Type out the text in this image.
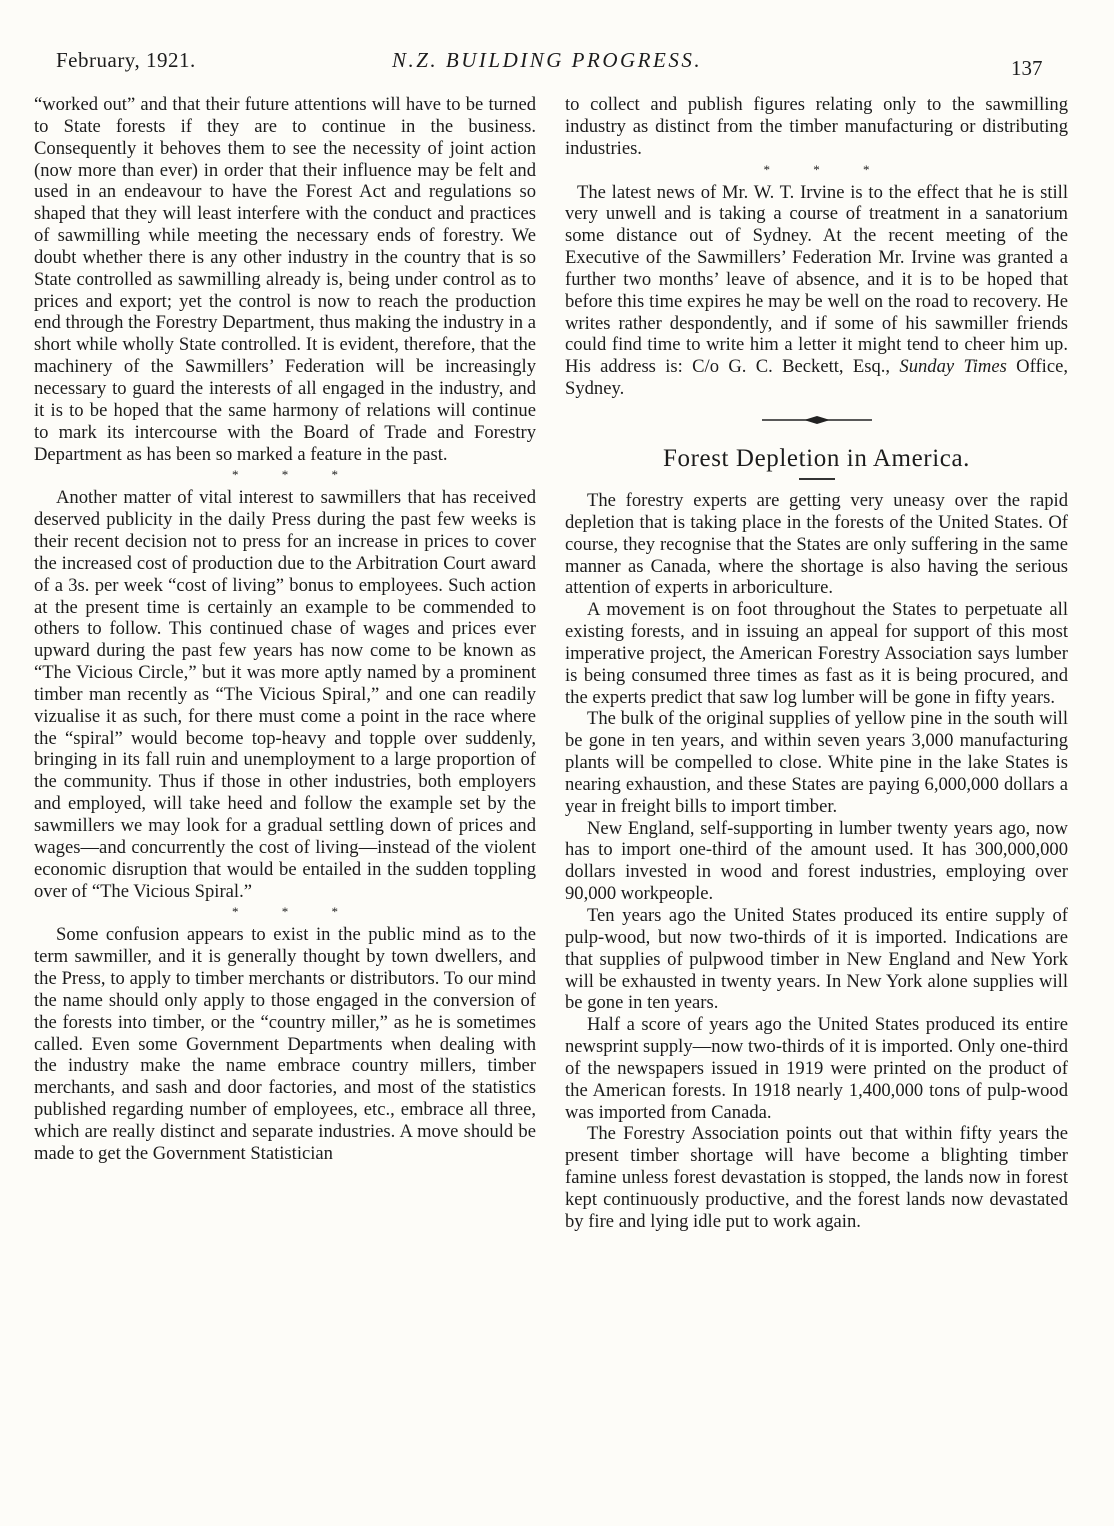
February, 1921.	N.Z. BUILDING PROGRESS.	137

“worked out” and that their future attentions will have to be turned to State forests if they are to continue in the business. Consequently it behoves them to see the necessity of joint action (now more than ever) in order that their influence may be felt and used in an endeavour to have the Forest Act and regulations so shaped that they will least interfere with the conduct and practices of sawmilling while meeting the necessary ends of forestry. We doubt whether there is any other industry in the country that is so State controlled as sawmilling already is, being under control as to prices and export; yet the control is now to reach the production end through the Forestry Department, thus making the industry in a short while wholly State controlled. It is evident, therefore, that the machinery of the Sawmillers’ Federation will be increasingly necessary to guard the interests of all engaged in the industry, and it is to be hoped that the same harmony of relations will continue to mark its intercourse with the Board of Trade and Forestry Department as has been so marked a feature in the past.

* * *

Another matter of vital interest to sawmillers that has received deserved publicity in the daily Press during the past few weeks is their recent decision not to press for an increase in prices to cover the increased cost of production due to the Arbitration Court award of a 3s. per week “cost of living” bonus to employees. Such action at the present time is certainly an example to be commended to others to follow. This continued chase of wages and prices ever upward during the past few years has now come to be known as “The Vicious Circle,” but it was more aptly named by a prominent timber man recently as “The Vicious Spiral,” and one can readily vizualise it as such, for there must come a point in the race where the “spiral” would become top-heavy and topple over suddenly, bringing in its fall ruin and unemployment to a large proportion of the community. Thus if those in other industries, both employers and employed, will take heed and follow the example set by the sawmillers we may look for a gradual settling down of prices and wages—and concurrently the cost of living—instead of the violent economic disruption that would be entailed in the sudden toppling over of “The Vicious Spiral.”

* * *

Some confusion appears to exist in the public mind as to the term sawmiller, and it is generally thought by town dwellers, and the Press, to apply to timber merchants or distributors. To our mind the name should only apply to those engaged in the conversion of the forests into timber, or the “country miller,” as he is sometimes called. Even some Government Departments when dealing with the industry make the name embrace country millers, timber merchants, and sash and door factories, and most of the statistics published regarding number of employees, etc., embrace all three, which are really distinct and separate industries. A move should be made to get the Government Statistician

to collect and publish figures relating only to the sawmilling industry as distinct from the timber manufacturing or distributing industries.

* * *

The latest news of Mr. W. T. Irvine is to the effect that he is still very unwell and is taking a course of treatment in a sanatorium some distance out of Sydney. At the recent meeting of the Executive of the Sawmillers’ Federation Mr. Irvine was granted a further two months’ leave of absence, and it is to be hoped that before this time expires he may be well on the road to recovery. He writes rather despondently, and if some of his sawmiller friends could find time to write him a letter it might tend to cheer him up. His address is: C/o G. C. Beckett, Esq., Sunday Times Office, Sydney.

Forest Depletion in America.

The forestry experts are getting very uneasy over the rapid depletion that is taking place in the forests of the United States. Of course, they recognise that the States are only suffering in the same manner as Canada, where the shortage is also having the serious attention of experts in arboriculture.

A movement is on foot throughout the States to perpetuate all existing forests, and in issuing an appeal for support of this most imperative project, the American Forestry Association says lumber is being consumed three times as fast as it is being procured, and the experts predict that saw log lumber will be gone in fifty years.

The bulk of the original supplies of yellow pine in the south will be gone in ten years, and within seven years 3,000 manufacturing plants will be compelled to close. White pine in the lake States is nearing exhaustion, and these States are paying 6,000,000 dollars a year in freight bills to import timber.

New England, self-supporting in lumber twenty years ago, now has to import one-third of the amount used. It has 300,000,000 dollars invested in wood and forest industries, employing over 90,000 workpeople.

Ten years ago the United States produced its entire supply of pulp-wood, but now two-thirds of it is imported. Indications are that supplies of pulpwood timber in New England and New York will be exhausted in twenty years. In New York alone supplies will be gone in ten years.

Half a score of years ago the United States produced its entire newsprint supply—now two-thirds of it is imported. Only one-third of the newspapers issued in 1919 were printed on the product of the American forests. In 1918 nearly 1,400,000 tons of pulp-wood was imported from Canada.

The Forestry Association points out that within fifty years the present timber shortage will have become a blighting timber famine unless forest devastation is stopped, the lands now in forest kept continuously productive, and the forest lands now devastated by fire and lying idle put to work again.
